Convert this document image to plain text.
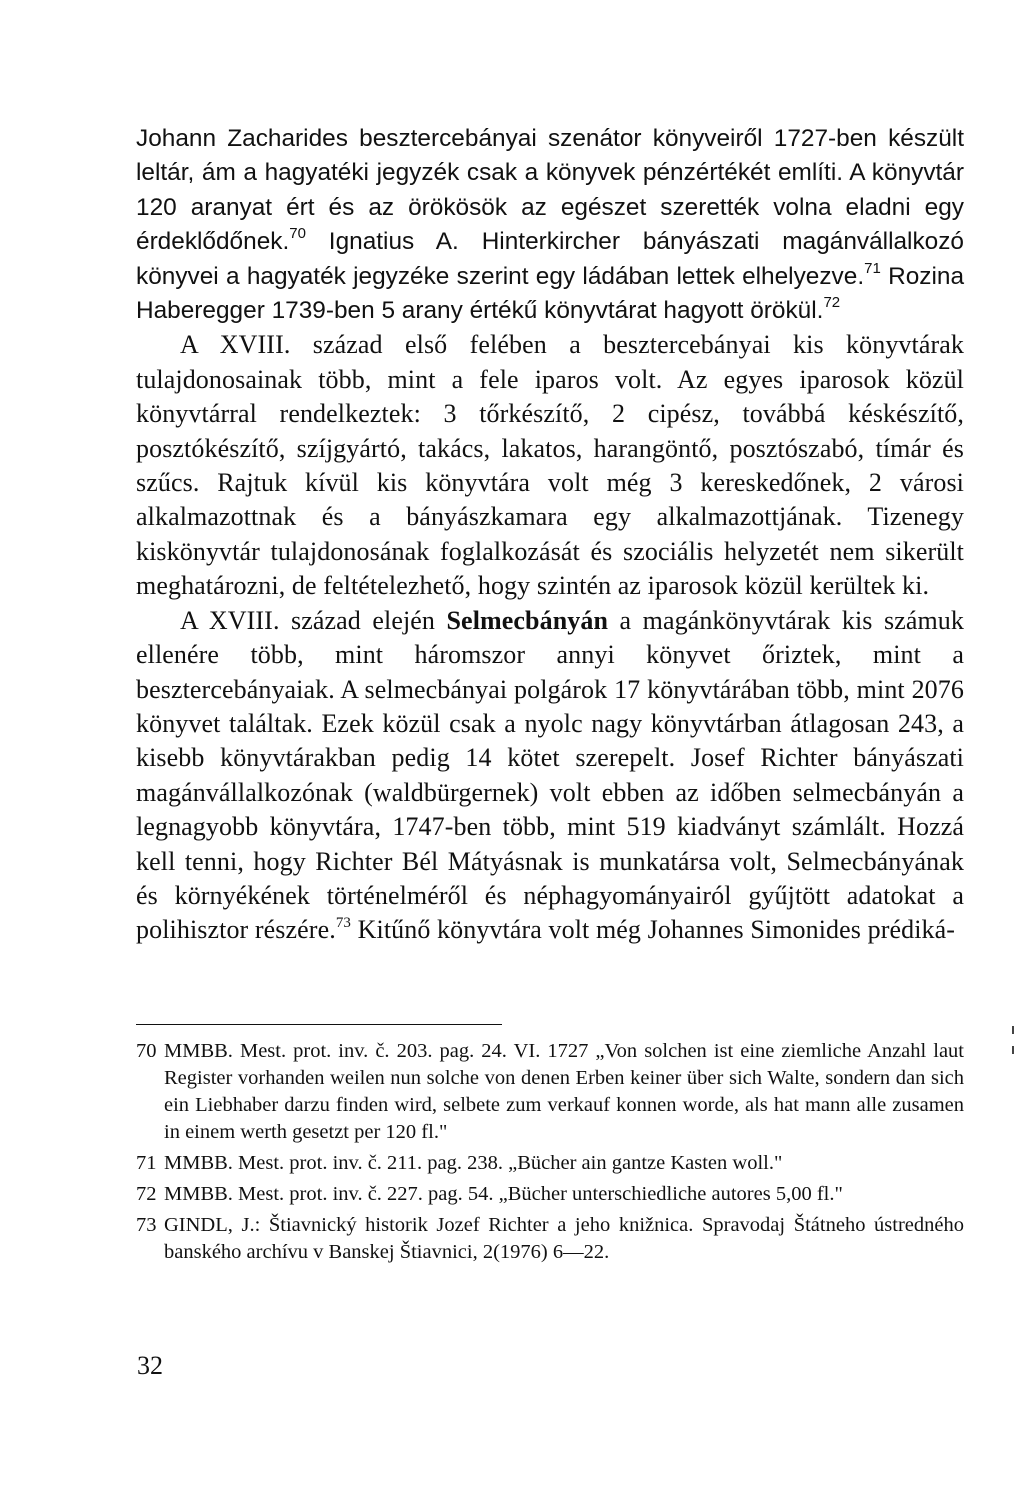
Johann Zacharides besztercebányai szenátor könyveiről 1727-ben készült leltár, ám a hagyatéki jegyzék csak a könyvek pénzértékét említi. A könyvtár 120 aranyat ért és az örökösök az egészet szerették volna eladni egy érdeklődőnek.$^{70}$ Ignatius A. Hinterkircher bányászati magánvállalkozó könyvei a hagyaték jegyzéke szerint egy ládában lettek elhelyezve.$^{71}$ Rozina Haberegger 1739-ben 5 arany értékű könyvtárat hagyott örökül.$^{72}$

A XVIII. század első felében a besztercebányai kis könyvtárak tulajdonosainak több, mint a fele iparos volt. Az egyes iparosok közül könyvtárral rendelkeztek: 3 tőrkészítő, 2 cipész, továbbá késkészítő, posztókészítő, szíjgyártó, takács, lakatos, harangöntő, posztószabó, tímár és szűcs. Rajtuk kívül kis könyvtára volt még 3 kereskedőnek, 2 városi alkalmazottnak és a bányászkamara egy alkalmazottjának. Tizenegy kiskönyvtár tulajdonosának foglalkozását és szociális helyzetét nem sikerült meghatározni, de feltételezhető, hogy szintén az iparosok közül kerültek ki.

A XVIII. század elején Selmecbányán a magánkönyvtárak kis számuk ellenére több, mint háromszor annyi könyvet őriztek, mint a besztercebányaiak. A selmecbányai polgárok 17 könyvtárában több, mint 2076 könyvet találtak. Ezek közül csak a nyolc nagy könyvtárban átlagosan 243, a kisebb könyvtárakban pedig 14 kötet szerepelt. Josef Richter bányászati magánvállalkozónak (waldbürgernek) volt ebben az időben selmecbányán a legnagyobb könyvtára, 1747-ben több, mint 519 kiadványt számlált. Hozzá kell tenni, hogy Richter Bél Mátyásnak is munkatársa volt, Selmecbányának és környékének történelméről és néphagyományairól gyűjtött adatokat a polihisztor részére.$^{73}$ Kitűnő könyvtára volt még Johannes Simonides prédiká-

70 MMBB. Mest. prot. inv. č. 203. pag. 24. VI. 1727 „Von solchen ist eine ziemliche Anzahl laut Register vorhanden weilen nun solche von denen Erben keiner über sich Walte, sondern dan sich ein Liebhaber darzu finden wird, selbete zum verkauf konnen worde, als hat mann alle zusamen in einem werth gesetzt per 120 fl."

71 MMBB. Mest. prot. inv. č. 211. pag. 238. „Bücher ain gantze Kasten woll."

72 MMBB. Mest. prot. inv. č. 227. pag. 54. „Bücher unterschiedliche autores 5,00 fl."

73 GINDL, J.: Štiavnický historik Jozef Richter a jeho knižnica. Spravodaj Štátneho ústredného banského archívu v Banskej Štiavnici, 2(1976) 6—22.

32
